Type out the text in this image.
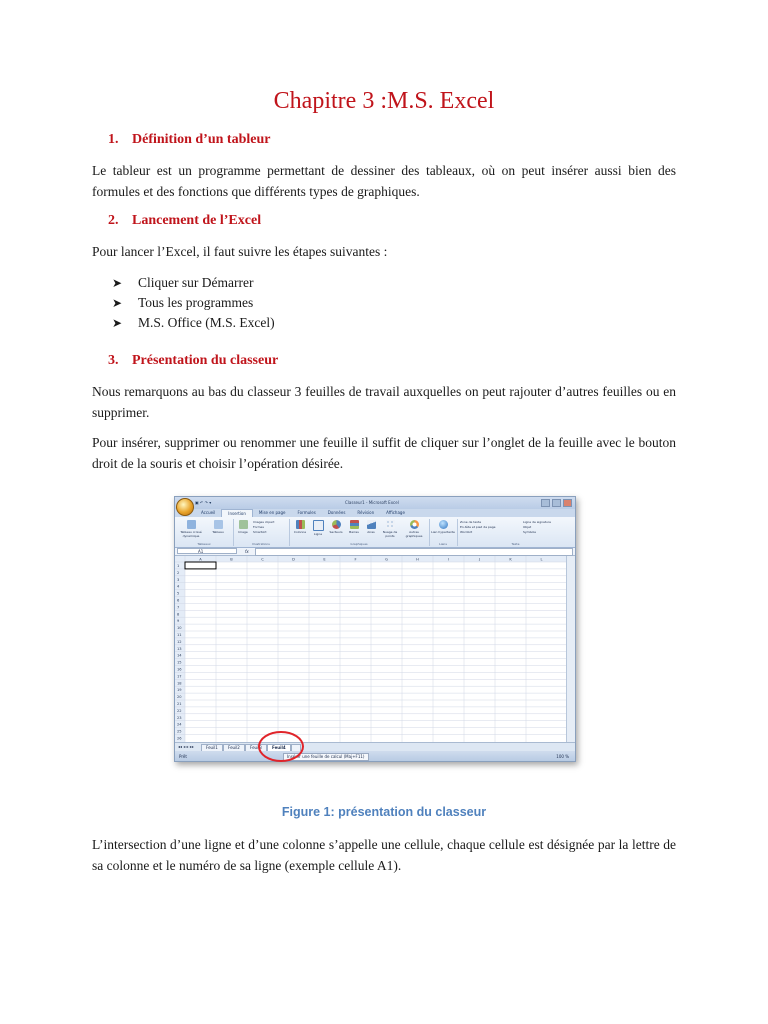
Chapitre 3 :M.S. Excel
1. Définition d’un tableur
Le tableur est un programme permettant de dessiner des tableaux, où on peut insérer aussi bien des formules et des fonctions que différents types de graphiques.
2. Lancement de l’Excel
Pour lancer l’Excel, il faut suivre les étapes suivantes :
➤	Cliquer sur Démarrer
➤	Tous les programmes
➤	M.S. Office (M.S. Excel)
3. Présentation du classeur
Nous remarquons au bas du classeur 3 feuilles de travail auxquelles on peut rajouter d’autres feuilles ou en supprimer.
Pour insérer, supprimer ou renommer une feuille il suffit de cliquer sur l’onglet de la feuille avec le bouton droit de la souris et choisir l’opération désirée.
▣ ↶ ↷ ▾	Classeur1 - Microsoft Excel
Accueil	Insertion	Mise en page	Formules	Données	Révision	Affichage
Tableau croisé dynamique
Tableau
Tableaux
Image
Images clipart
Formes
SmartArt
Illustrations
Colonne	Ligne	Secteurs	Barres	Aires	Nuage de points
Autres graphiques
Graphiques
Lien hypertexte
Liens
Zone de texte
En-tête et pied de page
WordArt
Ligne de signature
Objet
Symbole
Texte
A1	fx
A	B	C	D	E	F	G	H	I	J	K	L
1
2
3
4
5
6
7
8
9
10
11
12
13
14
15
16
17
18
19
20
21
22
23
24
25
26
◂◂ ◂ ▸ ▸▸	Feuil1	Feuil2	Feuil3	Feuil4
Prêt	Insérer une feuille de calcul (Maj+F11)	100 %
Figure 1: présentation du classeur
L’intersection d’une ligne et d’une colonne s’appelle une cellule, chaque cellule est désignée par la lettre de sa colonne et le numéro de sa ligne (exemple cellule A1).
